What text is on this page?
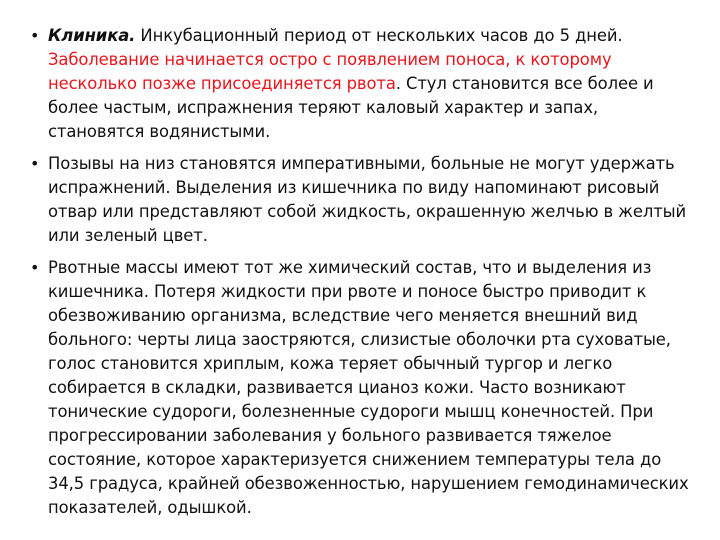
• Клиника. Инкубационный период от нескольких часов до 5 дней. Заболевание начинается остро с появлением поноса, к которому несколько позже присоединяется рвота. Стул становится все более и более частым, испражнения теряют каловый характер и запах, становятся водянистыми.
• Позывы на низ становятся императивными, больные не могут удержать испражнений. Выделения из кишечника по виду напоминают рисовый отвар или представляют собой жидкость, окрашенную желчью в желтый или зеленый цвет.
• Рвотные массы имеют тот же химический состав, что и выделения из кишечника. Потеря жидкости при рвоте и поносе быстро приводит к обезвоживанию организма, вследствие чего меняется внешний вид больного: черты лица заостряются, слизистые оболочки рта суховатые, голос становится хриплым, кожа теряет обычный тургор и легко собирается в складки, развивается цианоз кожи. Часто возникают тонические судороги, болезненные судороги мышц конечностей. При прогрессировании заболевания у больного развивается тяжелое состояние, которое характеризуется снижением температуры тела до 34,5 градуса, крайней обезвоженностью, нарушением гемодинамических показателей, одышкой.
